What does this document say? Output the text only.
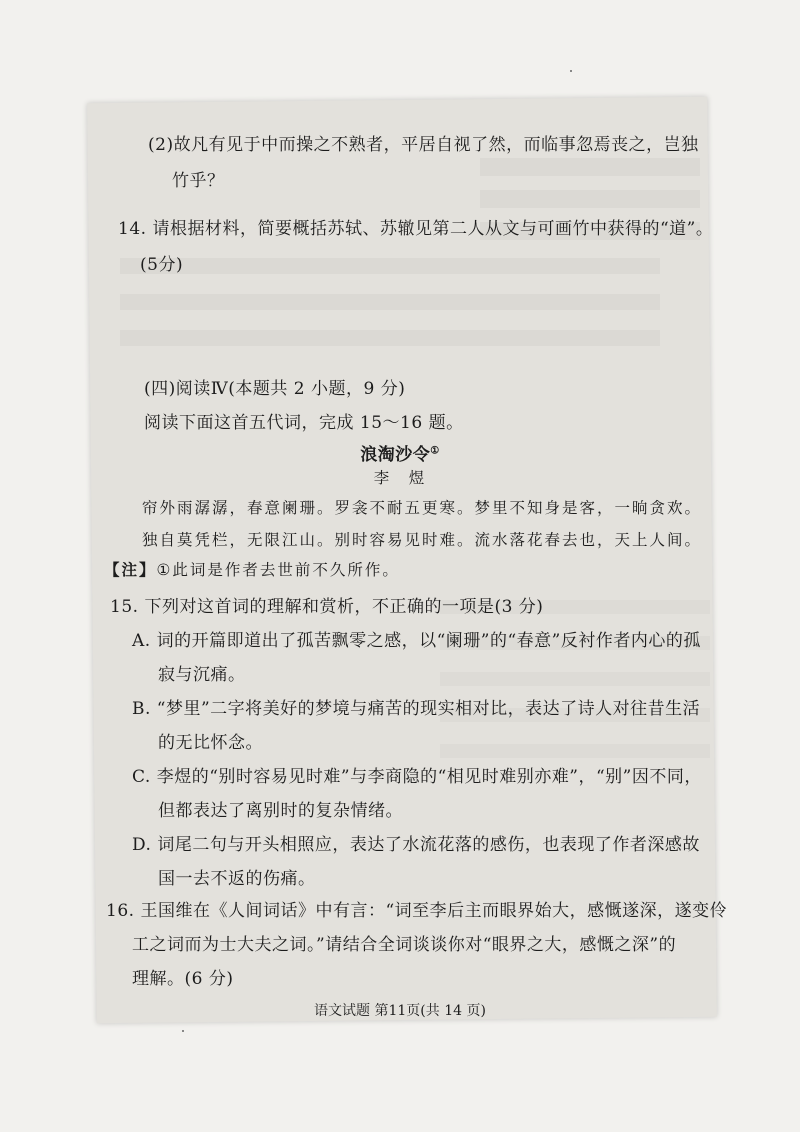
(2)故凡有见于中而操之不熟者，平居自视了然，而临事忽焉丧之，岂独
竹乎？
14. 请根据材料，简要概括苏轼、苏辙见第二人从文与可画竹中获得的“道”。
(5分)
(四)阅读Ⅳ(本题共 2 小题，9 分)
阅读下面这首五代词，完成 15～16 题。
浪淘沙令①
李　煜
帘外雨潺潺，春意阑珊。罗衾不耐五更寒。梦里不知身是客，一晌贪欢。
独自莫凭栏，无限江山。别时容易见时难。流水落花春去也，天上人间。
【注】①此词是作者去世前不久所作。
15. 下列对这首词的理解和赏析，不正确的一项是(3 分)
A. 词的开篇即道出了孤苦飘零之感，以“阑珊”的“春意”反衬作者内心的孤
寂与沉痛。
B. “梦里”二字将美好的梦境与痛苦的现实相对比，表达了诗人对往昔生活
的无比怀念。
C. 李煜的“别时容易见时难”与李商隐的“相见时难别亦难”，“别”因不同，
但都表达了离别时的复杂情绪。
D. 词尾二句与开头相照应，表达了水流花落的感伤，也表现了作者深感故
国一去不返的伤痛。
16. 王国维在《人间词话》中有言：“词至李后主而眼界始大，感慨遂深，遂变伶
工之词而为士大夫之词。”请结合全词谈谈你对“眼界之大，感慨之深”的
理解。(6 分)
语文试题 第11页(共 14 页)
